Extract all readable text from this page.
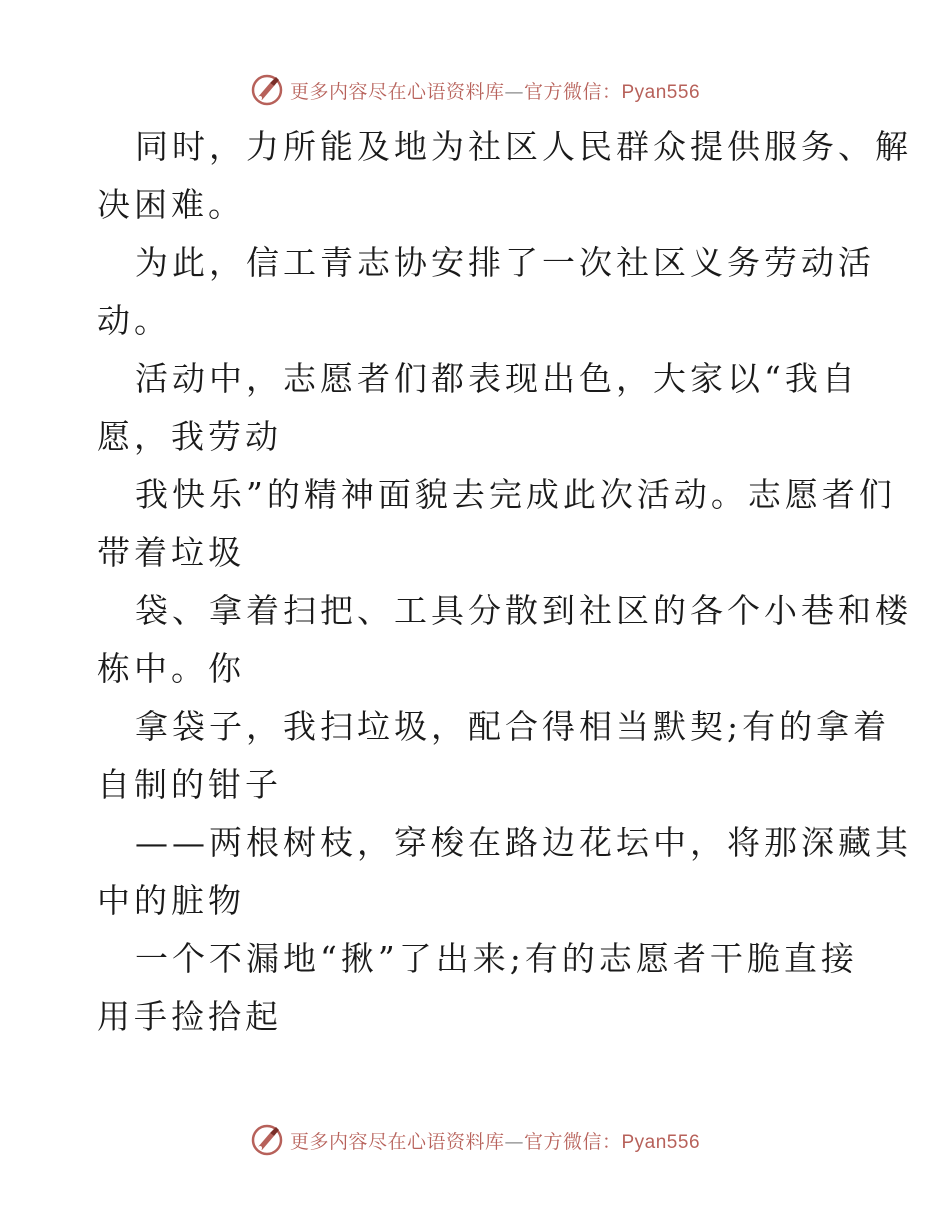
更多内容尽在心语资料库—官方微信：Pyan556
同时，力所能及地为社区人民群众提供服务、解
决困难。
为此，信工青志协安排了一次社区义务劳动活
动。
活动中，志愿者们都表现出色，大家以“我自
愿，我劳动
我快乐”的精神面貌去完成此次活动。志愿者们
带着垃圾
袋、拿着扫把、工具分散到社区的各个小巷和楼
栋中。你
拿袋子，我扫垃圾，配合得相当默契;有的拿着
自制的钳子
——两根树枝，穿梭在路边花坛中，将那深藏其
中的脏物
一个不漏地“揪”了出来;有的志愿者干脆直接
用手捡拾起
更多内容尽在心语资料库—官方微信：Pyan556
